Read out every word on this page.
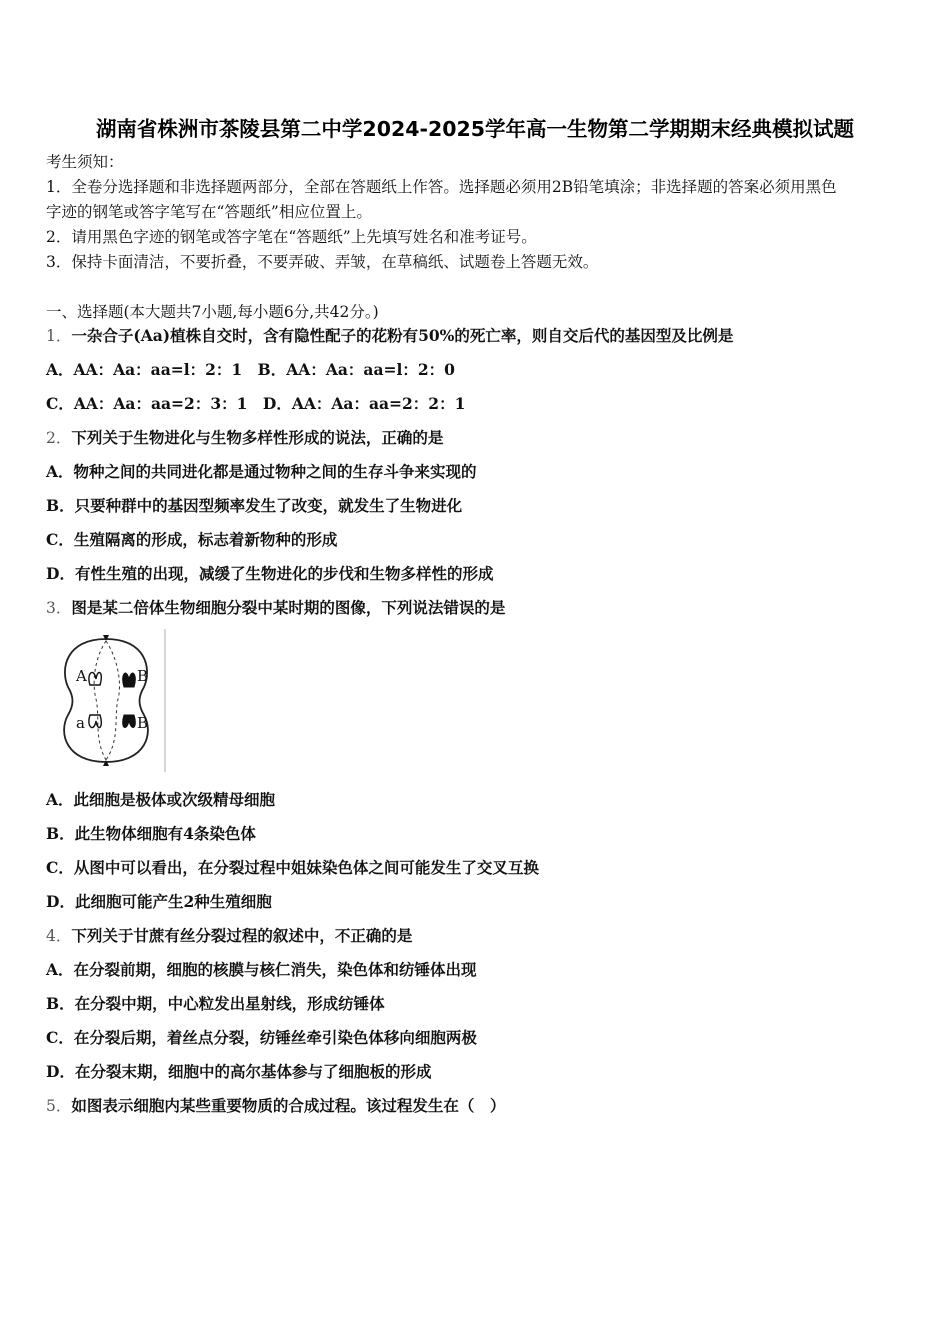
湖南省株洲市茶陵县第二中学2024-2025学年高一生物第二学期期末经典模拟试题
考生须知：
1．全卷分选择题和非选择题两部分，全部在答题纸上作答。选择题必须用2B铅笔填涂；非选择题的答案必须用黑色
字迹的钢笔或答字笔写在“答题纸”相应位置上。
2．请用黑色字迹的钢笔或答字笔在“答题纸”上先填写姓名和准考证号。
3．保持卡面清洁，不要折叠，不要弄破、弄皱，在草稿纸、试题卷上答题无效。
一、选择题(本大题共7小题,每小题6分,共42分。)
1．一杂合子(Aa)植株自交时，含有隐性配子的花粉有50%的死亡率，则自交后代的基因型及比例是
A．AA：Aa：aa=l：2：1　B．AA：Aa：aa=l：2：0
C．AA：Aa：aa=2：3：1　D．AA：Aa：aa=2：2：1
2．下列关于生物进化与生物多样性形成的说法，正确的是
A．物种之间的共同进化都是通过物种之间的生存斗争来实现的
B．只要种群中的基因型频率发生了改变，就发生了生物进化
C．生殖隔离的形成，标志着新物种的形成
D．有性生殖的出现，减缓了生物进化的步伐和生物多样性的形成
3．图是某二倍体生物细胞分裂中某时期的图像，下列说法错误的是
A	B
a	B
A．此细胞是极体或次级精母细胞
B．此生物体细胞有4条染色体
C．从图中可以看出，在分裂过程中姐妹染色体之间可能发生了交叉互换
D．此细胞可能产生2种生殖细胞
4．下列关于甘蔗有丝分裂过程的叙述中，不正确的是
A．在分裂前期，细胞的核膜与核仁消失，染色体和纺锤体出现
B．在分裂中期，中心粒发出星射线，形成纺锤体
C．在分裂后期，着丝点分裂，纺锤丝牵引染色体移向细胞两极
D．在分裂末期，细胞中的高尔基体参与了细胞板的形成
5．如图表示细胞内某些重要物质的合成过程。该过程发生在（　）
